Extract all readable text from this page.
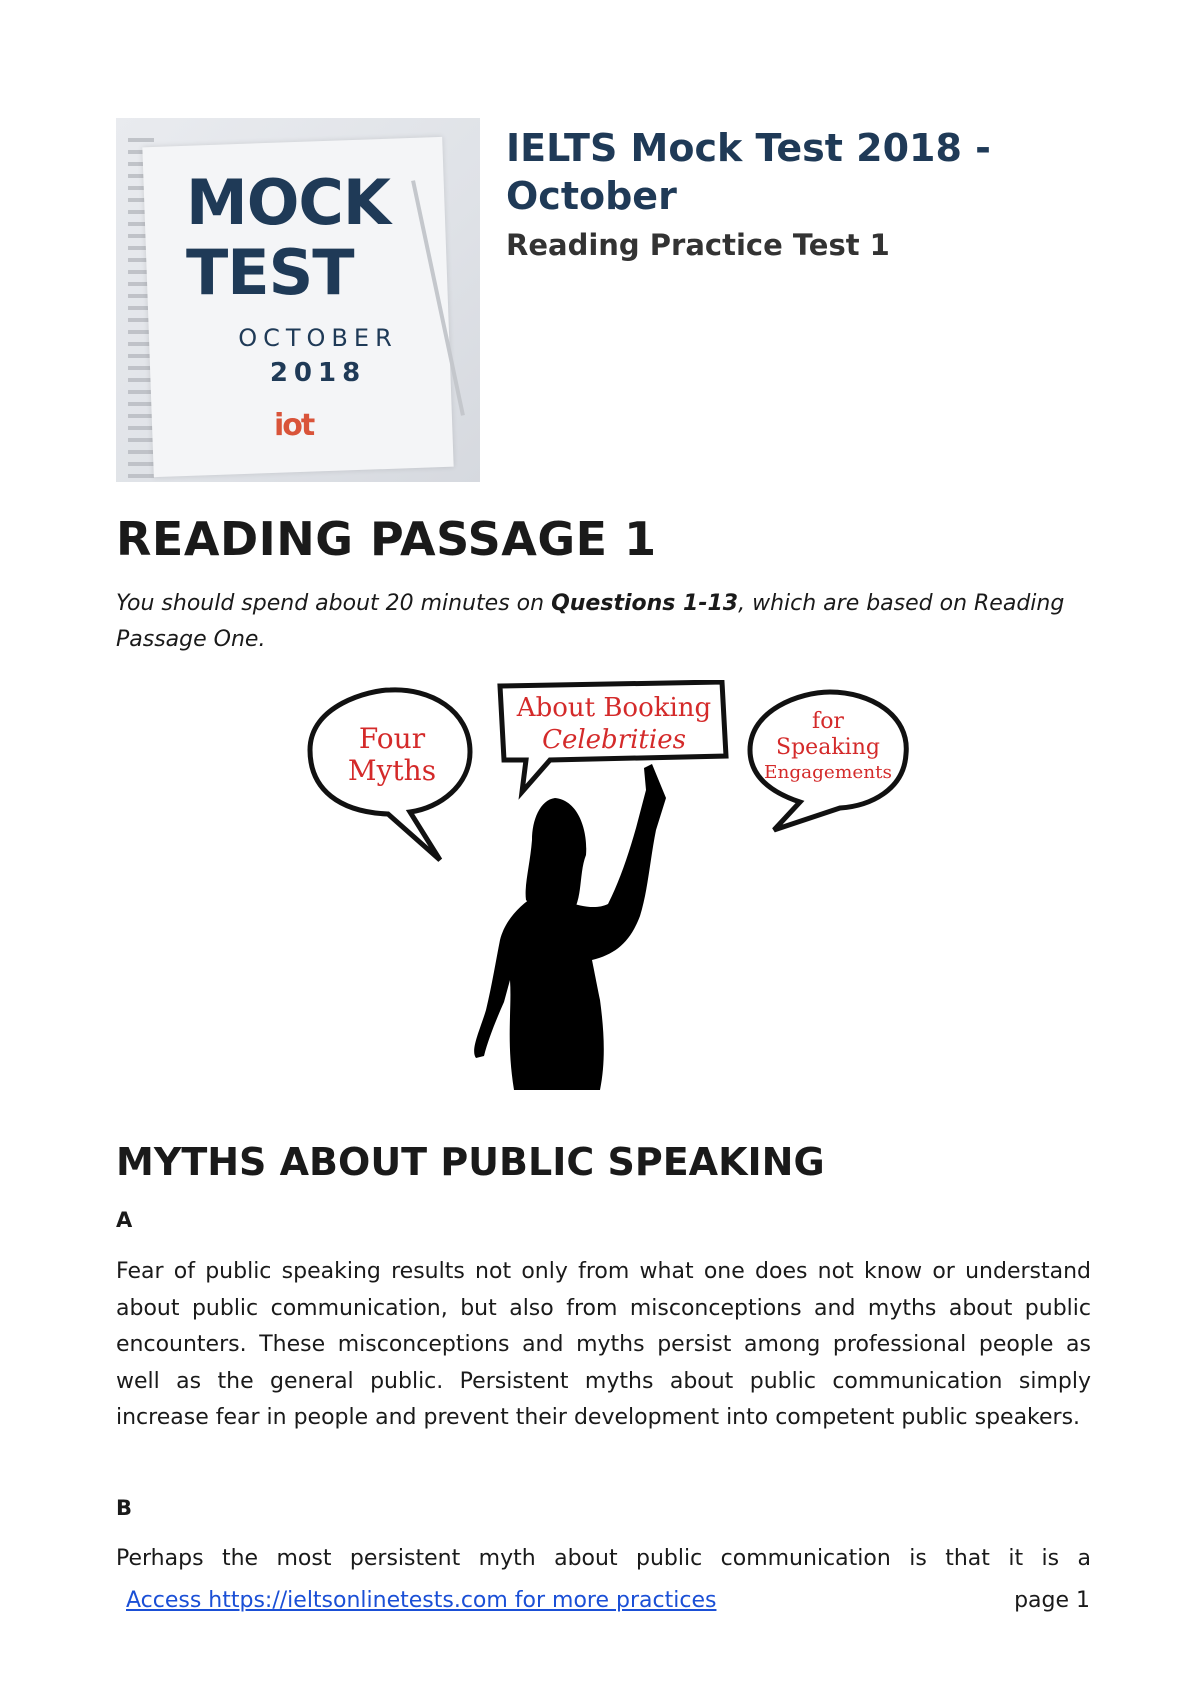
MOCK
TEST
OCTOBER
2018
iot
IELTS Mock Test 2018 - October
Reading Practice Test 1
READING PASSAGE 1
You should spend about 20 minutes on Questions 1-13, which are based on Reading Passage One.
Four
Myths
About Booking
Celebrities
for
Speaking
Engagements
MYTHS ABOUT PUBLIC SPEAKING
A
Fear of public speaking results not only from what one does not know or understand about public communication, but also from misconceptions and myths about public encounters. These misconceptions and myths persist among professional people as well as the general public. Persistent myths about public communication simply increase fear in people and prevent their development into competent public speakers.
B
Perhaps the most persistent myth about public communication is that it is a
Access https://ieltsonlinetests.com for more practices	page 1
